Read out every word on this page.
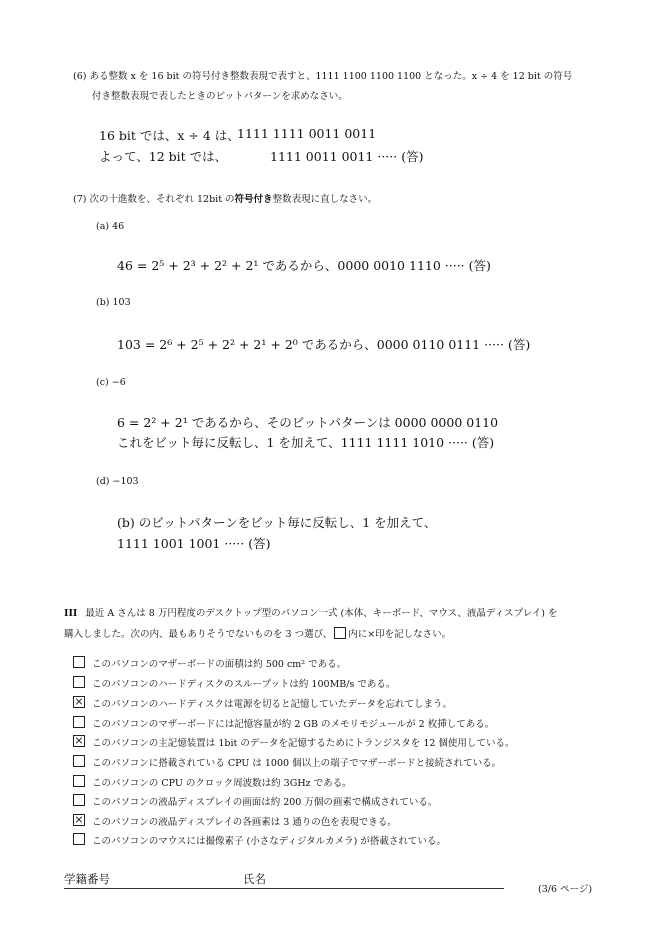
(6) ある整数 x を 16 bit の符号付き整数表現で表すと、1111 1100 1100 1100 となった。x ÷ 4 を 12 bit の符号
付き整数表現で表したときのビットパターンを求めなさい。
16 bit では、x ÷ 4 は、
1111 1111 0011 0011
よって、12 bit では、	1111 0011 0011 ····· (答)
(7) 次の十進数を、それぞれ 12bit の符号付き整数表現に直しなさい。
(a) 46
46 = 2⁵ + 2³ + 2² + 2¹ であるから、0000 0010 1110 ····· (答)
(b) 103
103 = 2⁶ + 2⁵ + 2² + 2¹ + 2⁰ であるから、0000 0110 0111 ····· (答)
(c) −6
6 = 2² + 2¹ であるから、そのビットパターンは 0000 0000 0110
これをビット毎に反転し、1 を加えて、1111 1111 1010 ····· (答)
(d) −103
(b) のビットパターンをビット毎に反転し、1 を加えて、
1111 1001 1001 ····· (答)
III 最近 A さんは 8 万円程度のデスクトップ型のパソコン一式 (本体、キーボード、マウス、液晶ディスプレイ) を
購入しました。次の内、最もありそうでないものを 3 つ選び、 内に×印を記しなさい。
このパソコンのマザーボードの面積は約 500 cm² である。
このパソコンのハードディスクのスループットは約 100MB/s である。
× このパソコンのハードディスクは電源を切ると記憶していたデータを忘れてしまう。
このパソコンのマザーボードには記憶容量が約 2 GB のメモリモジュールが 2 枚挿してある。
× このパソコンの主記憶装置は 1bit のデータを記憶するためにトランジスタを 12 個使用している。
このパソコンに搭載されている CPU は 1000 個以上の端子でマザーボードと接続されている。
このパソコンの CPU のクロック周波数は約 3GHz である。
このパソコンの液晶ディスプレイの画面は約 200 万個の画素で構成されている。
× このパソコンの液晶ディスプレイの各画素は 3 通りの色を表現できる。
このパソコンのマウスには撮像素子 (小さなディジタルカメラ) が搭載されている。
学籍番号	氏名
(3/6 ページ)
